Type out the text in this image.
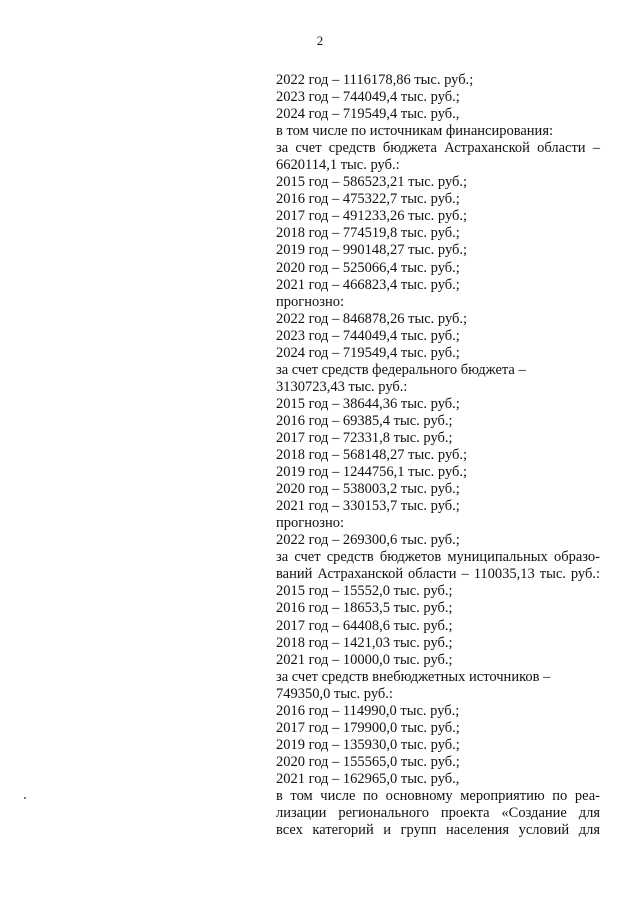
2
2022 год – 1116178,86 тыс. руб.;
2023 год – 744049,4 тыс. руб.;
2024 год – 719549,4 тыс. руб.,
в том числе по источникам финансирования:
за счет средств бюджета Астраханской области –
6620114,1 тыс. руб.:
2015 год – 586523,21 тыс. руб.;
2016 год – 475322,7 тыс. руб.;
2017 год – 491233,26 тыс. руб.;
2018 год – 774519,8 тыс. руб.;
2019 год – 990148,27 тыс. руб.;
2020 год – 525066,4 тыс. руб.;
2021 год – 466823,4 тыс. руб.;
прогнозно:
2022 год – 846878,26 тыс. руб.;
2023 год – 744049,4 тыс. руб.;
2024 год – 719549,4 тыс. руб.;
за счет средств федерального бюджета –
3130723,43 тыс. руб.:
2015 год – 38644,36 тыс. руб.;
2016 год – 69385,4 тыс. руб.;
2017 год – 72331,8 тыс. руб.;
2018 год – 568148,27 тыс. руб.;
2019 год – 1244756,1 тыс. руб.;
2020 год – 538003,2 тыс. руб.;
2021 год – 330153,7 тыс. руб.;
прогнозно:
2022 год – 269300,6 тыс. руб.;
за счет средств бюджетов муниципальных образо-
ваний Астраханской области – 110035,13 тыс. руб.:
2015 год – 15552,0 тыс. руб.;
2016 год – 18653,5 тыс. руб.;
2017 год – 64408,6 тыс. руб.;
2018 год – 1421,03 тыс. руб.;
2021 год – 10000,0 тыс. руб.;
за счет средств внебюджетных источников –
749350,0 тыс. руб.:
2016 год – 114990,0 тыс. руб.;
2017 год – 179900,0 тыс. руб.;
2019 год – 135930,0 тыс. руб.;
2020 год – 155565,0 тыс. руб.;
2021 год – 162965,0 тыс. руб.,
в том числе по основному мероприятию по реа-
лизации регионального проекта «Создание для
всех категорий и групп населения условий для
